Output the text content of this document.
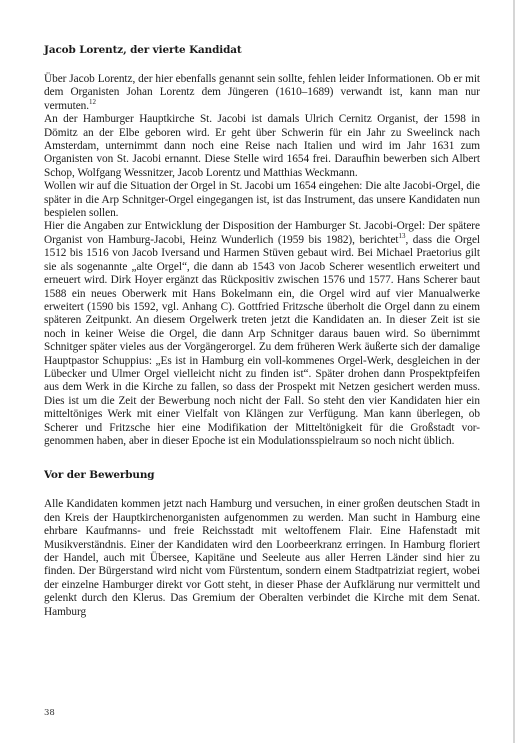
Jacob Lorentz, der vierte Kandidat

Über Jacob Lorentz, der hier ebenfalls genannt sein sollte, fehlen leider Informationen. Ob er mit dem Organisten Johan Lorentz dem Jüngeren (1610–1689) verwandt ist, kann man nur vermuten.$^{12}$

An der Hamburger Hauptkirche St. Jacobi ist damals Ulrich Cernitz Organist, der 1598 in Dömitz an der Elbe geboren wird. Er geht über Schwerin für ein Jahr zu Sweelinck nach Amsterdam, unternimmt dann noch eine Reise nach Italien und wird im Jahr 1631 zum Organisten von St. Jacobi ernannt. Diese Stelle wird 1654 frei. Daraufhin bewerben sich Albert Schop, Wolfgang Wessnitzer, Jacob Lorentz und Matthias Weckmann.

Wollen wir auf die Situation der Orgel in St. Jacobi um 1654 eingehen: Die alte Jacobi-Orgel, die später in die Arp Schnitger-Orgel eingegangen ist, ist das Instrument, das unsere Kandidaten nun bespielen sollen.

Hier die Angaben zur Entwicklung der Disposition der Hamburger St. Jacobi-Orgel: Der spätere Organist von Hamburg-Jacobi, Heinz Wunderlich (1959 bis 1982), berichtet$^{13}$, dass die Orgel 1512 bis 1516 von Jacob Iversand und Harmen Stüven gebaut wird. Bei Michael Praetorius gilt sie als sogenannte „alte Orgel“, die dann ab 1543 von Jacob Scherer wesentlich erweitert und erneuert wird. Dirk Hoyer ergänzt das Rückpositiv zwischen 1576 und 1577. Hans Scherer baut 1588 ein neues Oberwerk mit Hans Bokelmann ein, die Orgel wird auf vier Manualwerke erweitert (1590 bis 1592, vgl. Anhang C). Gottfried Fritzsche überholt die Orgel dann zu einem späteren Zeitpunkt. An diesem Orgelwerk treten jetzt die Kandidaten an. In dieser Zeit ist sie noch in keiner Weise die Orgel, die dann Arp Schnitger daraus bauen wird. So übernimmt Schnitger später vieles aus der Vorgängerorgel. Zu dem früheren Werk äußerte sich der damalige Hauptpastor Schuppius: „Es ist in Hamburg ein voll-kommenes Orgel-Werk, desgleichen in der Lübecker und Ulmer Orgel vielleicht nicht zu finden ist“. Später drohen dann Prospektpfeifen aus dem Werk in die Kirche zu fallen, so dass der Prospekt mit Netzen gesichert werden muss. Dies ist um die Zeit der Bewerbung noch nicht der Fall. So steht den vier Kandidaten hier ein mitteltöniges Werk mit einer Vielfalt von Klängen zur Verfügung. Man kann überlegen, ob Scherer und Fritzsche hier eine Modifikation der Mitteltönigkeit für die Großstadt vor-genommen haben, aber in dieser Epoche ist ein Modulationsspielraum so noch nicht üblich.

Vor der Bewerbung

Alle Kandidaten kommen jetzt nach Hamburg und versuchen, in einer großen deutschen Stadt in den Kreis der Hauptkirchenorganisten aufgenommen zu werden. Man sucht in Hamburg eine ehrbare Kaufmanns- und freie Reichsstadt mit weltoffenem Flair. Eine Hafenstadt mit Musikverständnis. Einer der Kandidaten wird den Loorbeerkranz erringen. In Hamburg floriert der Handel, auch mit Übersee, Kapitäne und Seeleute aus aller Herren Länder sind hier zu finden. Der Bürgerstand wird nicht vom Fürstentum, sondern einem Stadtpatriziat regiert, wobei der einzelne Hamburger direkt vor Gott steht, in dieser Phase der Aufklärung nur vermittelt und gelenkt durch den Klerus. Das Gremium der Oberalten verbindet die Kirche mit dem Senat. Hamburg

38
